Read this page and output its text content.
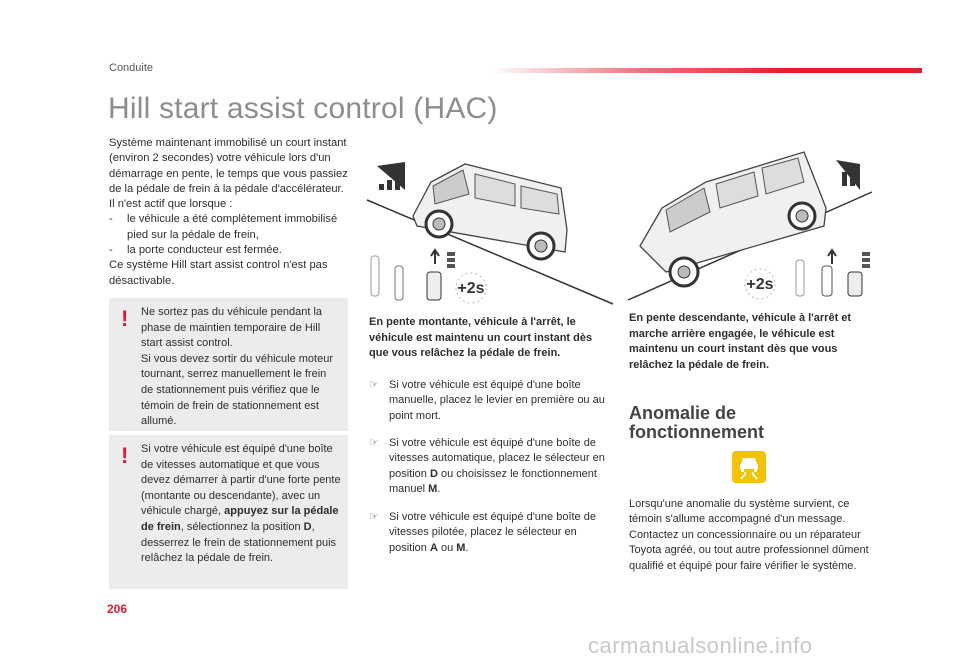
Conduite
Hill start assist control (HAC)

Système maintenant immobilisé un court instant (environ 2 secondes) votre véhicule lors d'un démarrage en pente, le temps que vous passiez de la pédale de frein à la pédale d'accélérateur.

Il n'est actif que lorsque :

- le véhicule a été complètement immobilisé pied sur la pédale de frein,
- la porte conducteur est fermée.

Ce système Hill start assist control n'est pas désactivable.

! Ne sortez pas du véhicule pendant la phase de maintien temporaire de Hill start assist control.
Si vous devez sortir du véhicule moteur tournant, serrez manuellement le frein de stationnement puis vérifiez que le témoin de frein de stationnement est allumé.
! Si votre véhicule est équipé d'une boîte de vitesses automatique et que vous devez démarrer à partir d'une forte pente (montante ou descendante), avec un véhicule chargé, appuyez sur la pédale de frein, sélectionnez la position D, desserrez le frein de stationnement puis relâchez la pédale de frein.
+2s	+2s
En pente montante, véhicule à l'arrêt, le véhicule est maintenu un court instant dès que vous relâchez la pédale de frein.
En pente descendante, véhicule à l'arrêt et marche arrière engagée, le véhicule est maintenu un court instant dès que vous relâchez la pédale de frein.
☞ Si votre véhicule est équipé d'une boîte manuelle, placez le levier en première ou au point mort.
☞ Si votre véhicule est équipé d'une boîte de vitesses automatique, placez le sélecteur en position D ou choisissez le fonctionnement manuel M.
☞ Si votre véhicule est équipé d'une boîte de vitesses pilotée, placez le sélecteur en position A ou M.
Anomalie de fonctionnement
Lorsqu'une anomalie du système survient, ce témoin s'allume accompagné d'un message. Contactez un concessionnaire ou un réparateur Toyota agréé, ou tout autre professionnel dûment qualifié et équipé pour faire vérifier le système.
206
carmanualsonline.info
